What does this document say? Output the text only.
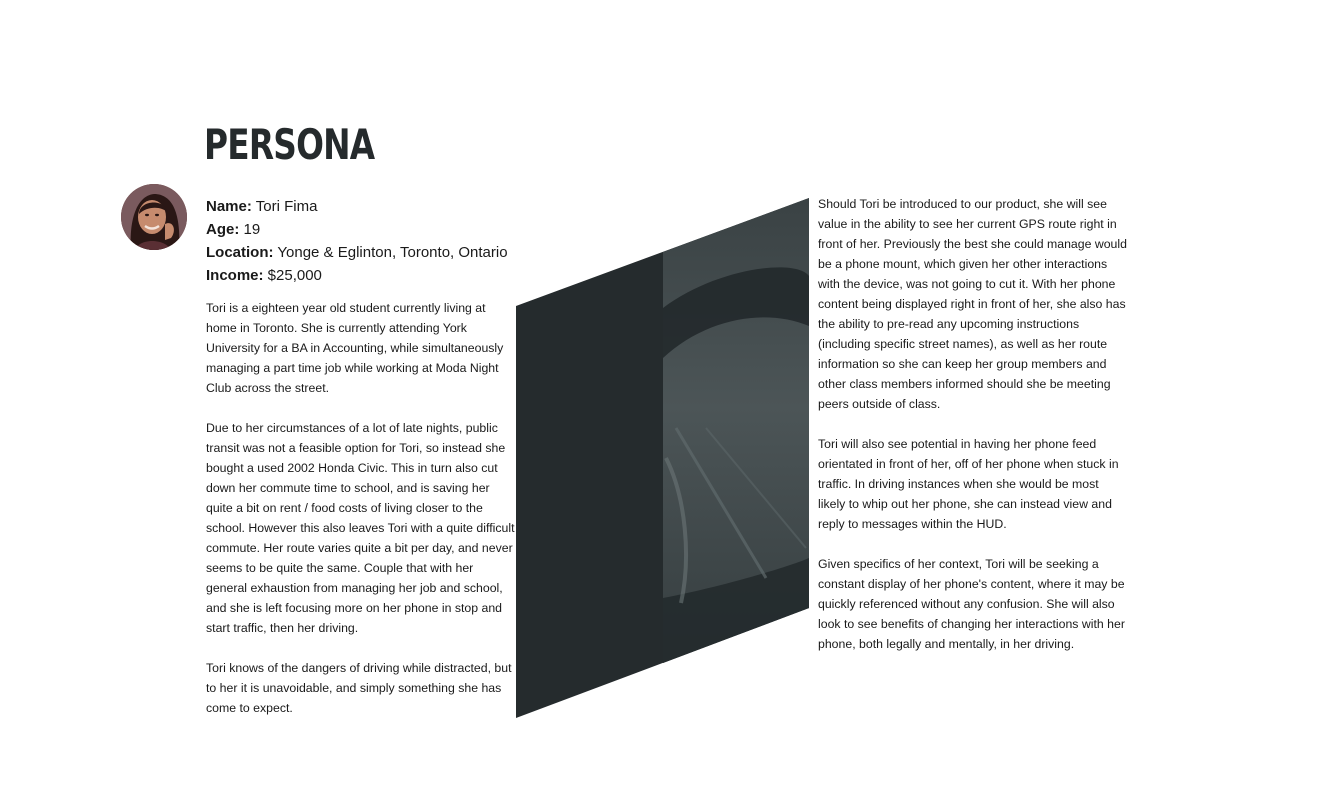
PERSONA
Name: Tori Fima
Age: 19
Location: Yonge & Eglinton, Toronto, Ontario
Income: $25,000

Tori is a eighteen year old student currently living at home in Toronto. She is currently attending York University for a BA in Accounting, while simultaneously managing a part time job while working at Moda Night Club across the street.

Due to her circumstances of a lot of late nights, public transit was not a feasible option for Tori, so instead she bought a used 2002 Honda Civic. This in turn also cut down her commute time to school, and is saving her quite a bit on rent / food costs of living closer to the school. However this also leaves Tori with a quite difficult commute. Her route varies quite a bit per day, and never seems to be quite the same. Couple that with her general exhaustion from managing her job and school, and she is left focusing more on her phone in stop and start traffic, then her driving.

Tori knows of the dangers of driving while distracted, but to her it is unavoidable, and simply something she has come to expect.

Should Tori be introduced to our product, she will see value in the ability to see her current GPS route right in front of her. Previously the best she could manage would be a phone mount, which given her other interactions with the device, was not going to cut it. With her phone content being displayed right in front of her, she also has the ability to pre-read any upcoming instructions (including specific street names), as well as her route information so she can keep her group members and other class members informed should she be meeting peers outside of class.

Tori will also see potential in having her phone feed orientated in front of her, off of her phone when stuck in traffic. In driving instances when she would be most likely to whip out her phone, she can instead view and reply to messages within the HUD.

Given specifics of her context, Tori will be seeking a constant display of her phone's content, where it may be quickly referenced without any confusion. She will also look to see benefits of changing her interactions with her phone, both legally and mentally, in her driving.
